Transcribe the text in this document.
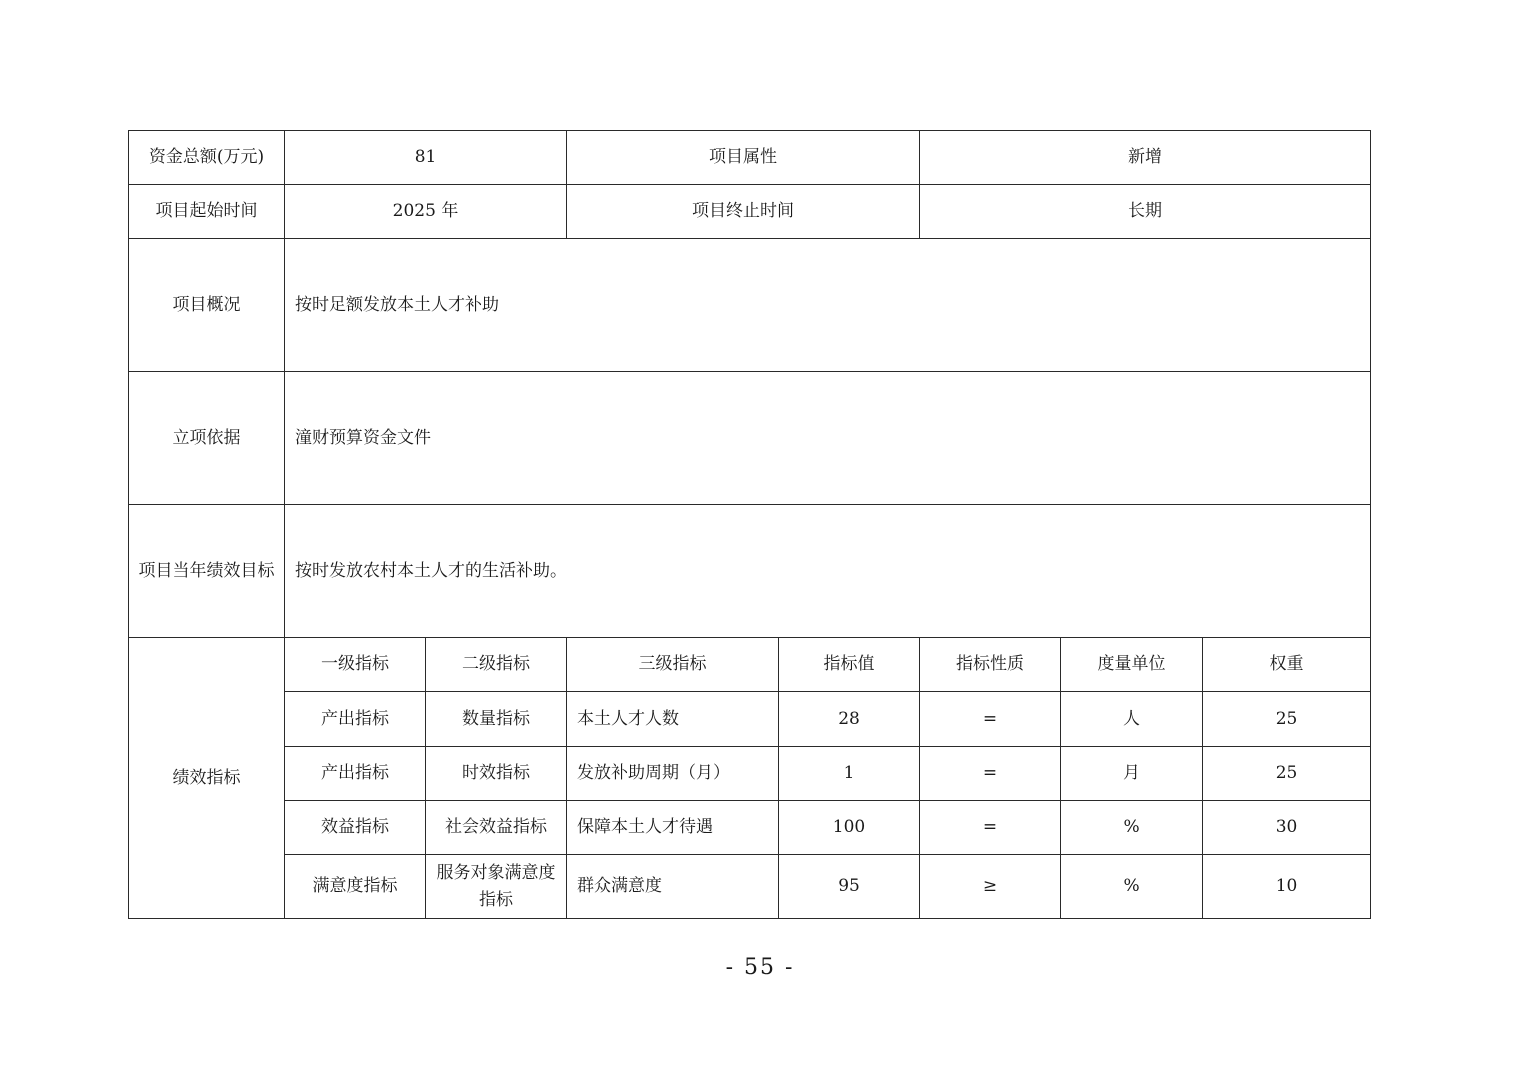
资金总额(万元)	81		项目属性		新增		
项目起始时间	2025 年		项目终止时间		长期		
项目概况	按时足额发放本土人才补助						
立项依据	潼财预算资金文件						
项目当年绩效目标	按时发放农村本土人才的生活补助。						
绩效指标	一级指标	二级指标	三级指标	指标值	指标性质	度量单位	权重
	产出指标	数量指标	本土人才人数	28	=	人	25
	产出指标	时效指标	发放补助周期（月）	1	=	月	25
	效益指标	社会效益指标	保障本土人才待遇	100	=	%	30
	满意度指标	服务对象满意度指标	群众满意度	95	≥	%	10
- 55 -
